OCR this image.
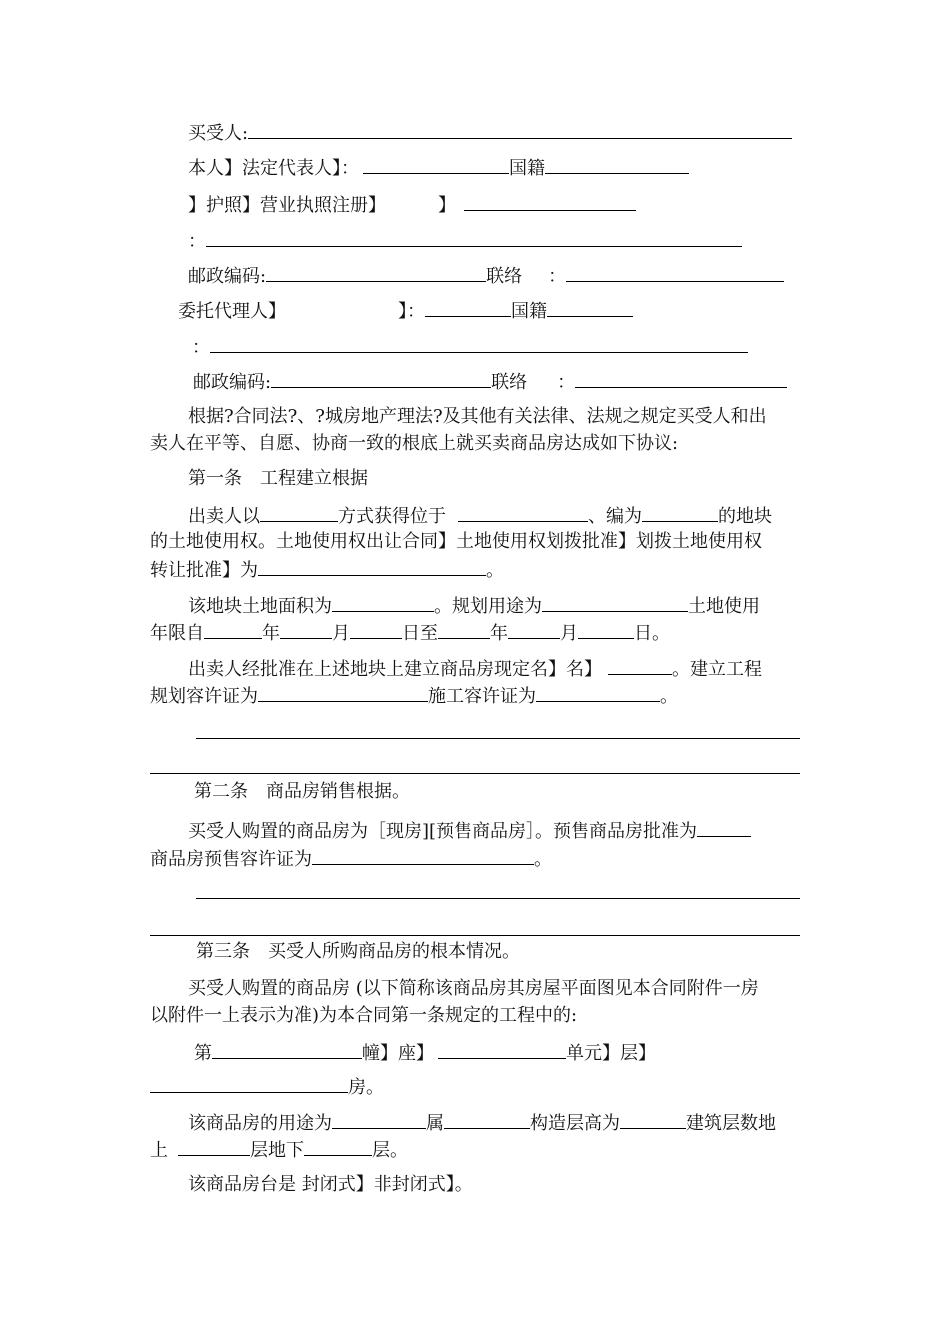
买受人:
本人】法定代表人】：	国籍
】护照】营业执照注册】	】
：
邮政编码:	联络 ：
委托代理人】	】：	国籍
：
邮政编码:	联络 ：
根据?合同法?、?城房地产理法?及其他有关法律、法规之规定买受人和出
卖人在平等、自愿、协商一致的根底上就买卖商品房达成如下协议:
第一条　工程建立根据
出卖人以	方式获得位于	、编为	的地块
的土地使用权。土地使用权出让合同】土地使用权划拨批准】划拨土地使用权
转让批准】为	。
该地块土地面积为	。规划用途为	土地使用
年限自	年	月	日至	年	月	日。
出卖人经批准在上述地块上建立商品房现定名】名】	。建立工程
规划容许证为	施工容许证为	。
第二条　商品房销售根据。
买受人购置的商品房为［现房][预售商品房］。预售商品房批准为
商品房预售容许证为	。
第三条　买受人所购商品房的根本情况。
买受人购置的商品房 (以下简称该商品房其房屋平面图见本合同附件一房
以附件一上表示为准)为本合同第一条规定的工程中的:
第	幢】座】	单元】层】
房。
该商品房的用途为	属	构造层高为	建筑层数地
上	层地下	层。
该商品房台是 封闭式】非封闭式】。
